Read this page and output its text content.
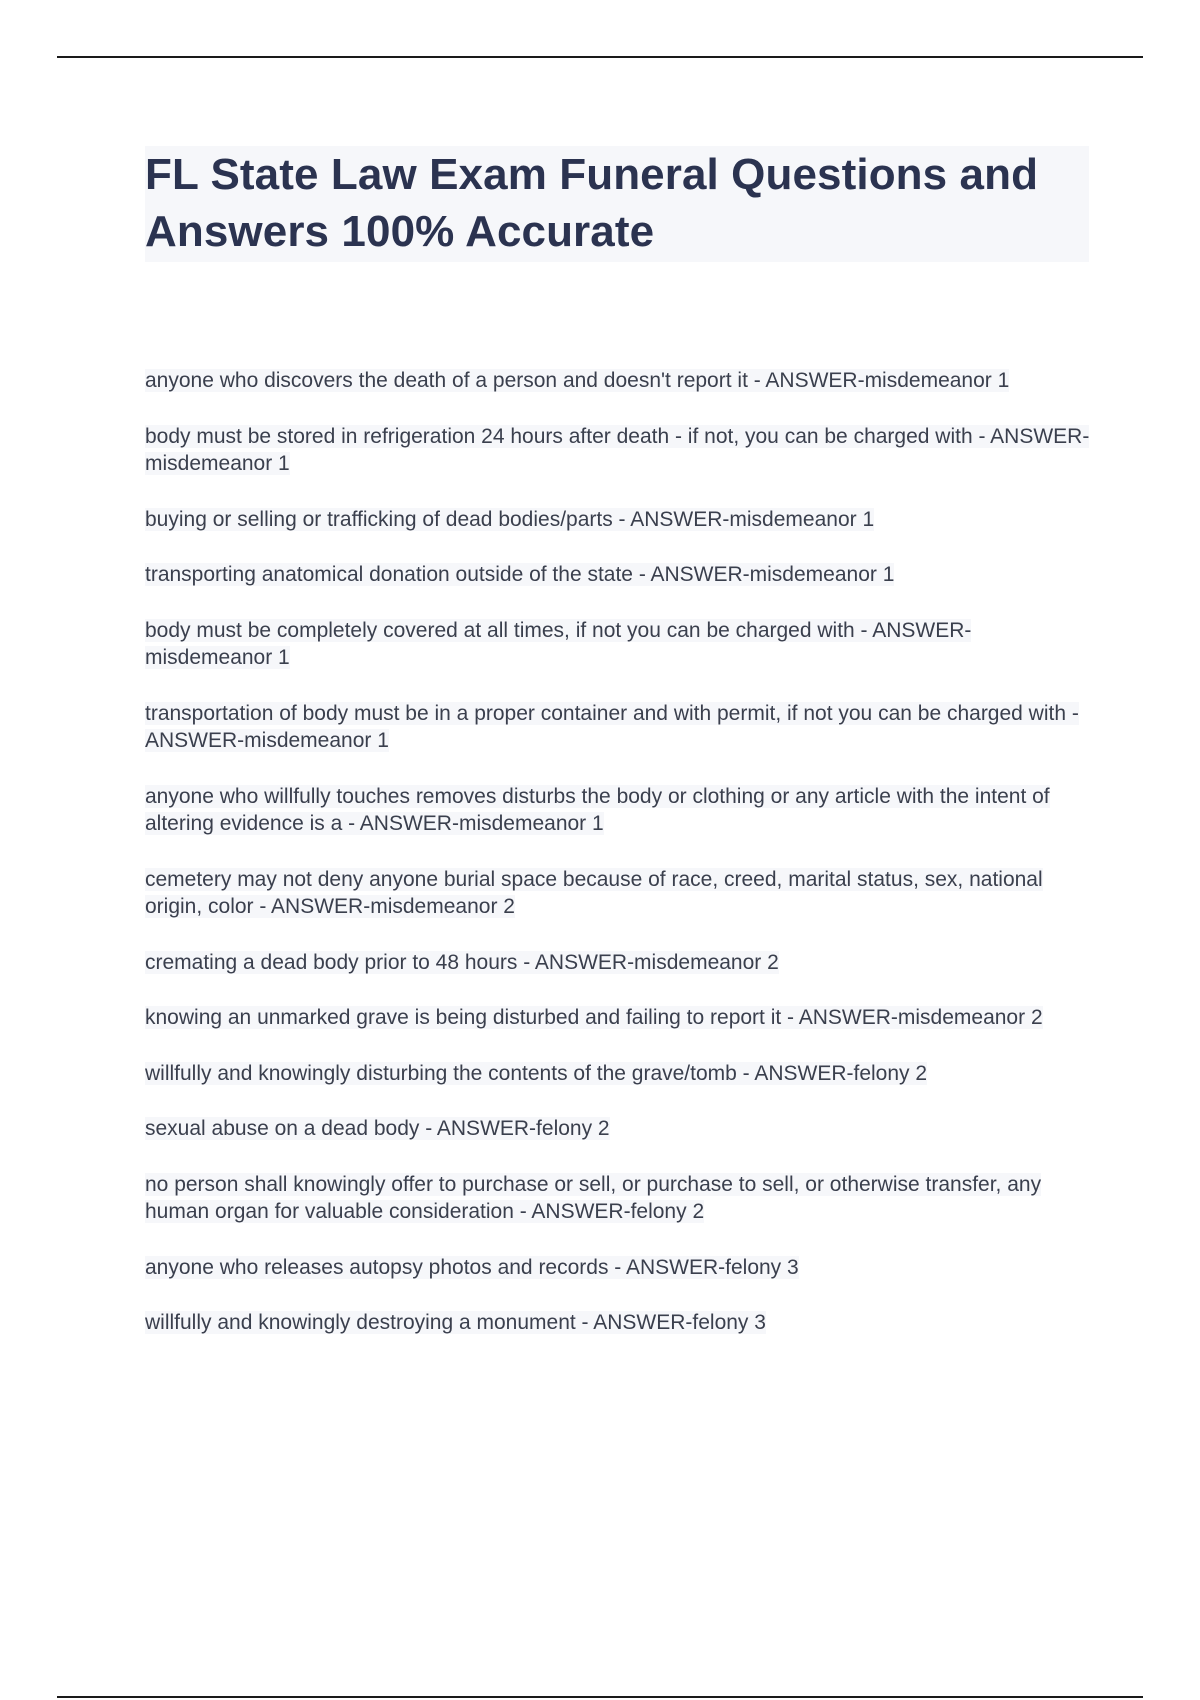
FL State Law Exam Funeral Questions and Answers 100% Accurate
anyone who discovers the death of a person and doesn't report it - ANSWER-misdemeanor 1
body must be stored in refrigeration 24 hours after death - if not, you can be charged with - ANSWER-misdemeanor 1
buying or selling or trafficking of dead bodies/parts - ANSWER-misdemeanor 1
transporting anatomical donation outside of the state - ANSWER-misdemeanor 1
body must be completely covered at all times, if not you can be charged with - ANSWER-misdemeanor 1
transportation of body must be in a proper container and with permit, if not you can be charged with - ANSWER-misdemeanor 1
anyone who willfully touches removes disturbs the body or clothing or any article with the intent of altering evidence is a - ANSWER-misdemeanor 1
cemetery may not deny anyone burial space because of race, creed, marital status, sex, national origin, color - ANSWER-misdemeanor 2
cremating a dead body prior to 48 hours - ANSWER-misdemeanor 2
knowing an unmarked grave is being disturbed and failing to report it - ANSWER-misdemeanor 2
willfully and knowingly disturbing the contents of the grave/tomb - ANSWER-felony 2
sexual abuse on a dead body - ANSWER-felony 2
no person shall knowingly offer to purchase or sell, or purchase to sell, or otherwise transfer, any human organ for valuable consideration - ANSWER-felony 2
anyone who releases autopsy photos and records - ANSWER-felony 3
willfully and knowingly destroying a monument - ANSWER-felony 3
